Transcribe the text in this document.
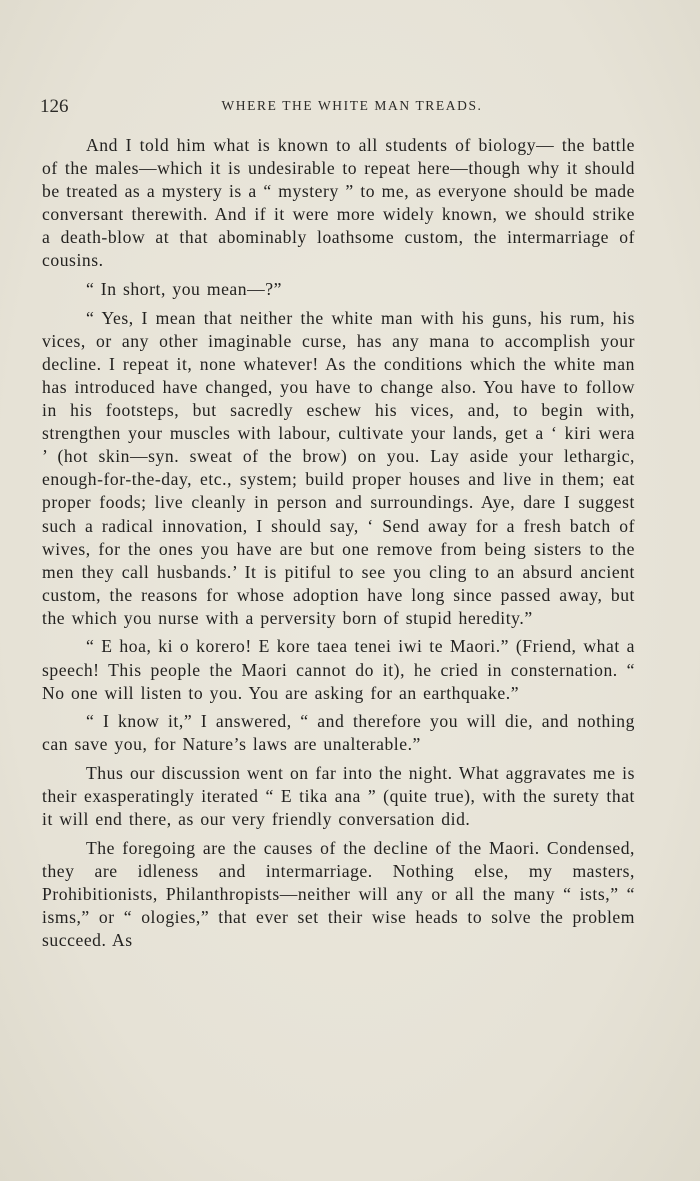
126	WHERE THE WHITE MAN TREADS.

And I told him what is known to all students of biology— the battle of the males—which it is undesirable to repeat here—though why it should be treated as a mystery is a “ mystery ” to me, as everyone should be made conversant therewith. And if it were more widely known, we should strike a death-blow at that abominably loathsome custom, the intermarriage of cousins.

“ In short, you mean—?”

“ Yes, I mean that neither the white man with his guns, his rum, his vices, or any other imaginable curse, has any mana to accomplish your decline. I repeat it, none whatever! As the conditions which the white man has introduced have changed, you have to change also. You have to follow in his footsteps, but sacredly eschew his vices, and, to begin with, strengthen your muscles with labour, cultivate your lands, get a ‘ kiri wera ’ (hot skin—syn. sweat of the brow) on you. Lay aside your lethargic, enough-for-the-day, etc., system; build proper houses and live in them; eat proper foods; live cleanly in person and surroundings. Aye, dare I suggest such a radical innovation, I should say, ‘ Send away for a fresh batch of wives, for the ones you have are but one remove from being sisters to the men they call husbands.’ It is pitiful to see you cling to an absurd ancient custom, the reasons for whose adoption have long since passed away, but the which you nurse with a perversity born of stupid heredity.”

“ E hoa, ki o korero! E kore taea tenei iwi te Maori.” (Friend, what a speech! This people the Maori cannot do it), he cried in consternation. “ No one will listen to you. You are asking for an earthquake.”

“ I know it,” I answered, “ and therefore you will die, and nothing can save you, for Nature’s laws are unalterable.”

Thus our discussion went on far into the night. What aggravates me is their exasperatingly iterated “ E tika ana ” (quite true), with the surety that it will end there, as our very friendly conversation did.

The foregoing are the causes of the decline of the Maori. Condensed, they are idleness and intermarriage. Nothing else, my masters, Prohibitionists, Philanthropists—neither will any or all the many “ ists,” “ isms,” or “ ologies,” that ever set their wise heads to solve the problem succeed. As
